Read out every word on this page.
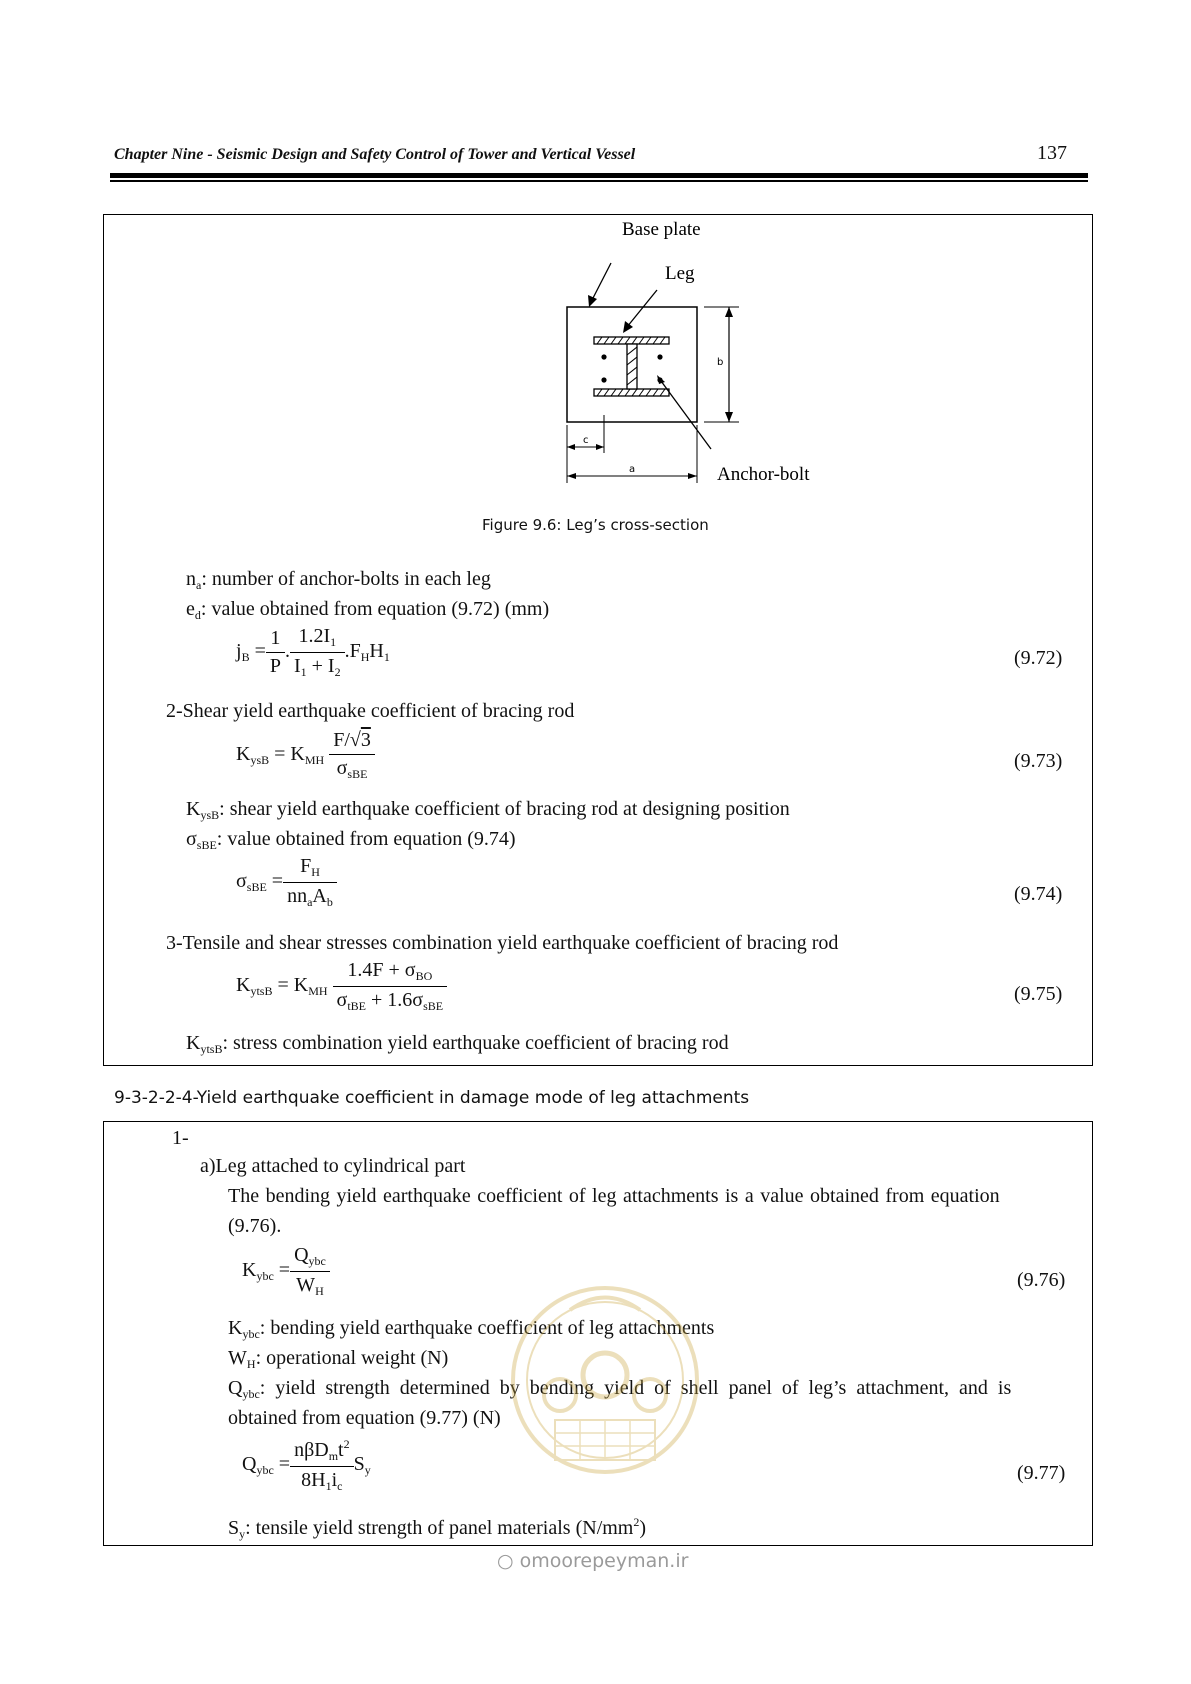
Chapter Nine - Seismic Design and Safety Control of Tower and Vertical Vessel	137
Base plate
Leg
Anchor-bolt
b
c
a
Figure 9.6: Leg’s cross-section
$n_a$: number of anchor-bolts in each leg
$e_d$: value obtained from equation (9.72) (mm)
$j_B = \frac{1}{P}$ . $\frac{1.2I_1}{I_1 + I_2} .F_HH_1$	(9.72)
2-Shear yield earthquake coefficient of bracing rod
$K_{ysB} = K_{MH} \frac{F/√3}{\sigma_{sBE}}$	(9.73)
$K_{ysB}$: shear yield earthquake coefficient of bracing rod at designing position
$\sigma_{sBE}$: value obtained from equation (9.74)
$\sigma_{sBE} = \frac{F_H}{nn_aA_b}$	(9.74)
3-Tensile and shear stresses combination yield earthquake coefficient of bracing rod
$K_{ytsB} = K_{MH} \frac{1.4F + \sigma_{BO}}{\sigma_{tBE} + 1.6\sigma_{sBE}}$	(9.75)
$K_{ytsB}$: stress combination yield earthquake coefficient of bracing rod
9-3-2-2-4-Yield earthquake coefficient in damage mode of leg attachments
1-
a)Leg attached to cylindrical part
The bending yield earthquake coefficient of leg attachments is a value obtained from equation
(9.76).
$K_{ybc} = \frac{Q_{ybc}}{W_H}$	(9.76)
$K_{ybc}$: bending yield earthquake coefficient of leg attachments
$W_H$: operational weight (N)
$Q_{ybc}$:  yield  strength  determined  by  bending  yield  of  shell  panel  of  leg’s  attachment,  and  is
obtained from equation (9.77) (N)
$Q_{ybc} = \frac{n\beta D_mt^2}{8H_1i_c} S_y$	(9.77)
$S_y$: tensile yield strength of panel materials $(N/mm^2)$
○ omoorepeyman.ir
